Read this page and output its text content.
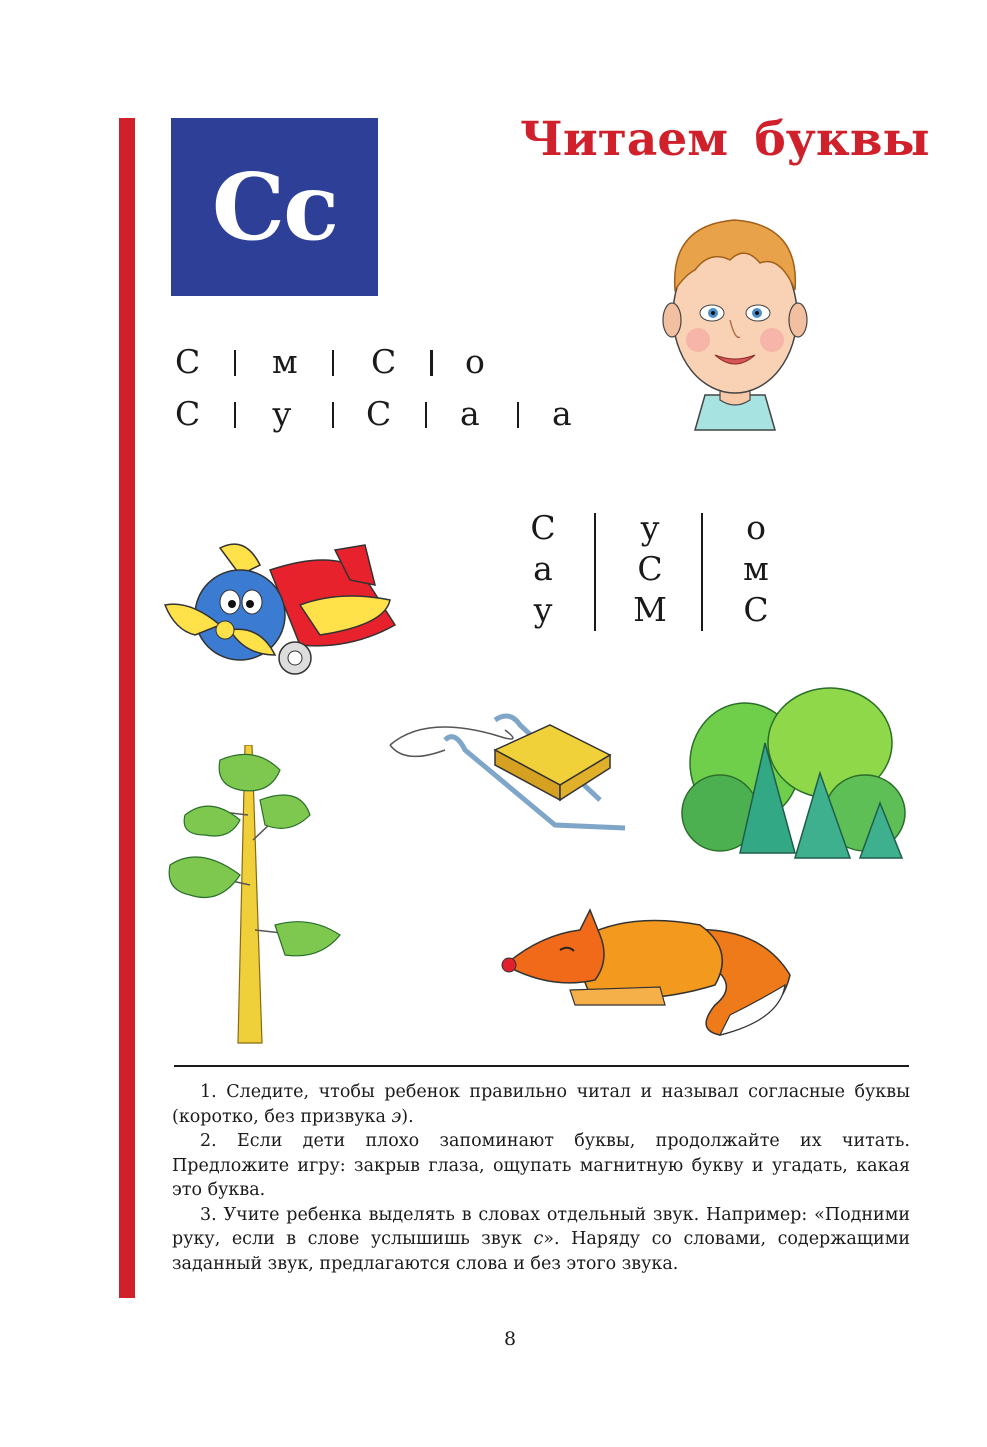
Сс
Читаем буквы
С м С о
С у С а а
С
а
у
у
С
М
о
м
С

1. Следите, чтобы ребенок правильно читал и называл согласные буквы (коротко, без призвука э).

2. Если дети плохо запоминают буквы, продолжайте их читать. Предложите игру: закрыв глаза, ощупать магнитную букву и угадать, какая это буква.

3. Учите ребенка выделять в словах отдельный звук. Например: «Подними руку, если в слове услышишь звук с». Наряду со словами, содержащими заданный звук, предлагаются слова и без этого звука.

8
